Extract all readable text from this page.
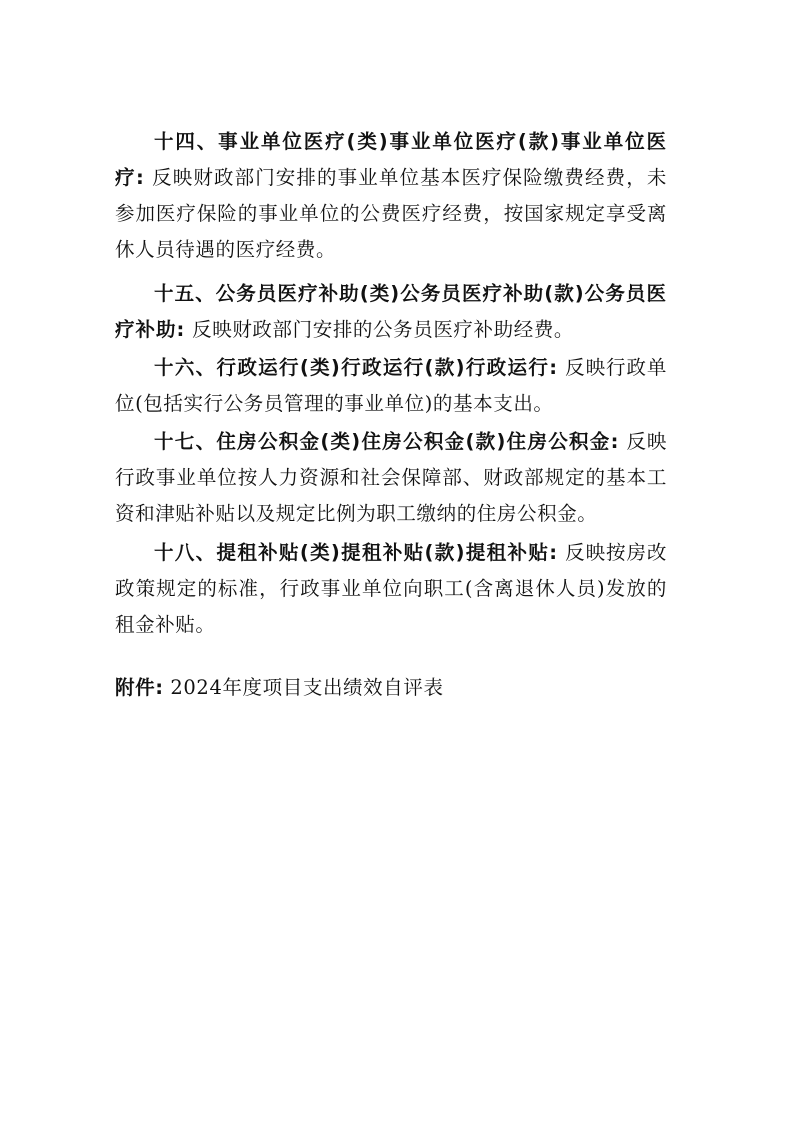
十四、事业单位医疗(类)事业单位医疗(款)事业单位医疗: 反映财政部门安排的事业单位基本医疗保险缴费经费，未参加医疗保险的事业单位的公费医疗经费，按国家规定享受离休人员待遇的医疗经费。

十五、公务员医疗补助(类)公务员医疗补助(款)公务员医疗补助: 反映财政部门安排的公务员医疗补助经费。

十六、行政运行(类)行政运行(款)行政运行: 反映行政单位(包括实行公务员管理的事业单位)的基本支出。

十七、住房公积金(类)住房公积金(款)住房公积金: 反映行政事业单位按人力资源和社会保障部、财政部规定的基本工资和津贴补贴以及规定比例为职工缴纳的住房公积金。

十八、提租补贴(类)提租补贴(款)提租补贴: 反映按房改政策规定的标准，行政事业单位向职工(含离退休人员)发放的租金补贴。

附件: 2024年度项目支出绩效自评表
